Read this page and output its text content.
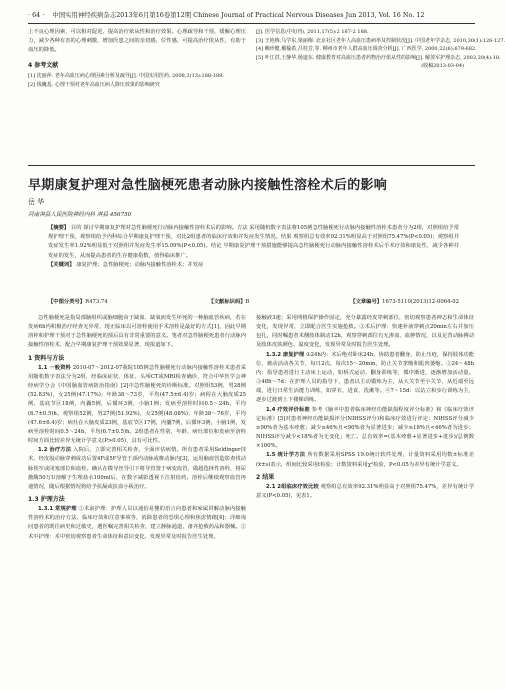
· 64 · 中国实用神经疾病杂志2013年6月第16卷第12期 Chinese Journal of Practical Nervous Diseases Jun 2013, Vol. 16 No. 12

上不良心理因素，可以相对促进，提高治疗依从性和治疗效果。心理疏导和干预，缓解心理压力，减少各种有害的心理刺激，增加医患之间的亲切感，位性感，可提高治疗依从性，有助于血压的降低。

4 参考文献
[1] 沈丽萍. 老年高血压病心理因素分析及疏导[J]. 中国实用医药, 2008,3(13):188-189.
[2] 钱巍基. 心理干预对老年高血压病人降压效果的影响研究
[J]. 医学信息(中旬刊), 2011,17(5):2 187-2 188.
[3] 王艳梅,马学东,梁丽梅. 北京社区老年人高血压患病率及控制状况[J]. 中国老年学杂志, 2010,30(1):126-127.
[4] 赖珍健,戴榆希,吕桂芳,等. 柳州市老年人群高血压调查分析[J]. 广西医学, 2000,22(6):679-682.
[5] 叶江洪,王静华,杨道东. 健康教育对高血压患者药物治疗依从性的影响[J]. 解放军护理杂志, 2003,20(4):18.
(收稿2013-03-04)
早期康复护理对急性脑梗死患者动脉内接触性溶栓术后的影响
岳 华
河南淇县人民医院神经内科 淇县 456750
【摘要】 目的 探讨早期康复护理对急性脑梗死行动脉内接触性溶栓术后的影响。方法 采用随机数字表法将105例急性脑梗死行动脉内接触性溶栓术患者分为2组，对照组给予常规护理干预，观察组给予内科综合早期康复护理干预，对比2组患者的临床疗效和并发症发生情况。结果 观察组总有效率92.31%明显高于对照组75.47%(P<0.05)；观察组并发症发生率1.92%明显低于对照组并发症发生率15.09%(P<0.05)。结论 早期康复护理干预措施能够提高急性脑梗死行动脉内接触性溶栓术后手术疗效和康复性，减少各种并发症的发生，从而提高患者的生存健康指数，值得临床推广。
【关键词】 康复护理；急性脑梗死；动脉内接触性溶栓术；并发症
【中图分类号】R473.74	【文献标识码】B	【文章编号】1673-5110(2013)12-0064-02

急性脑梗死是指局部脑组织或脑细胞由于缺血、缺氧而发生坏死的一种脑血管疾病，若在发病6h内积极治疗经查无异常，现正临床以可溶栓使用手术溶栓是最好的方式[1]，因此早期溶栓和护理干预对于急性脑梗死的预后具有非常重要的意义。笔者对急性脑梗死患者行动脉内接触性溶栓术，配合早期康复护理干预效果显著，现报道如下。

1 资料与方法

1.1 一般资料 2010-07～2012-07我院105例急性脑梗死行动脉内接触性溶栓术患者采用随机数字表法分为2组，经临床症状、体征、头颅CT或MRI检查确诊，符合中华医学会神经病学分会《中国脑血管病防治指南》[2]中急性脑梗死的诊断标准。对照组53例，男28例(52.83%)，女25例(47.17%)；年龄38～73岁，平均(47.5±6.4)岁；病程在大脑皮质25例，基底节区18例，内囊5例，后循环3例，小脑1例；发病至溶栓时间0.5～24h，平均(6.7±0.5)h。观察组52例，男27例(51.92%)，女25例(48.08%)；年龄38～76岁，平均(47.6±6.4)岁；病灶在大脑皮质23例，基底节区17例，内囊7例，后循环3例，小脑1例，发病至溶栓时间0.5～24h，平均(6.7±0.5)h。2组患者在性别、年龄、病灶部位和发病至溶栓时间方面比较差异无统计学意义(P>0.05)，具有可比性。

1.2 治疗方法 入院后，立即完善相关检查，全面评估病情。所有患者采用Seldinger技术，经皮股动脉穿刺成功后置4F或5F导管于颈内动脉或椎动脉内[3]，运用脑血管造影查找动脉狭窄或闭塞部位和血栓。确认在微导丝导引下将导管置于病变血管，做超选择性溶栓，将尿激酶50万U溶解于生理盐水100ml后，在数字减影透视下注射给药。溶栓后继续观察血管再通情况，随后根据情况将给予抗凝或抗血小板治疗。

1.3 护理方法

1.3.1 常规护理 ①术前护理：护理人员以通俗易懂的语言向患者和家属讲解动脉内接触性溶栓术的治疗方法、临床疗效和注意事项等，消除患者的恐惧心理和焦虑情绪[4]；详细询问患者的既往病史和过敏史，遵医嘱完善相关检查，建立静脉通道，备齐抢救药品和器械。②术中护理：术中密切观察患者生命体征和意识变化，发现异常及时报告医生处理。

接触液3速；采用网格保护操作固定，充分暴露经皮穿刺部位，密切观察患者神志和生命体征变化，发现异常，立即配合医生实施抢救。③术后护理：快速补液穿刺点20min左右并加压包扎，同时嘱患者术侧肢体制动12h，观察穿刺部位有无渗血、血肿情况，以及足背动脉搏动及肢体皮肤颜色、温度变化，发现异常及时报告医生处理。

1.3.2 康复护理 ①24h内：术后绝对卧床24h，协助患者翻身，防止压疮，保持肢体功能位，被动活动各关节，每日2次，每次15～20min，防止关节挛缩和肌肉萎缩。②24～48h内：指导患者进行主动床上运动，如桥式运动、翻身训练等，循序渐进，逐渐增加活动量。③48h～7d：在护理人员的指导下，患者以主动锻炼为主，从大关节至小关节、从近端至远端，进行日常生活能力训练，如穿衣、进食、洗漱等。④7～15d：以站立和步行训练为主，逐步过渡到上下楼梯训练。

1.4 疗效评价标准 参考《脑卒中患者临床神经功能缺损程度评分标准》和《临床疗效评定标准》[5]对患者神经功能缺损评分(NIHSS评分)和临床疗效进行评定：NIHSS评分减少≥90%者为基本痊愈；减少≥46%且<90%者为显著进步；减少≥18%且<46%者为进步；NIHSS评分减少<18%者为无变化；死亡。总有效率=(基本痊愈+显著进步+进步)/总例数×100%。

1.5 统计学方法 所有数据采用SPSS 19.0统计软件处理，计量资料采用均数±标准差(x̄±s)表示，组间比较采用t检验；计数资料采用χ²检验，P<0.05为差异有统计学意义。

2 结果

2.1 2组临床疗效比较 观察组总有效率92.31%明显高于对照组75.47%，差异有统计学意义(P<0.05)，见表1。
